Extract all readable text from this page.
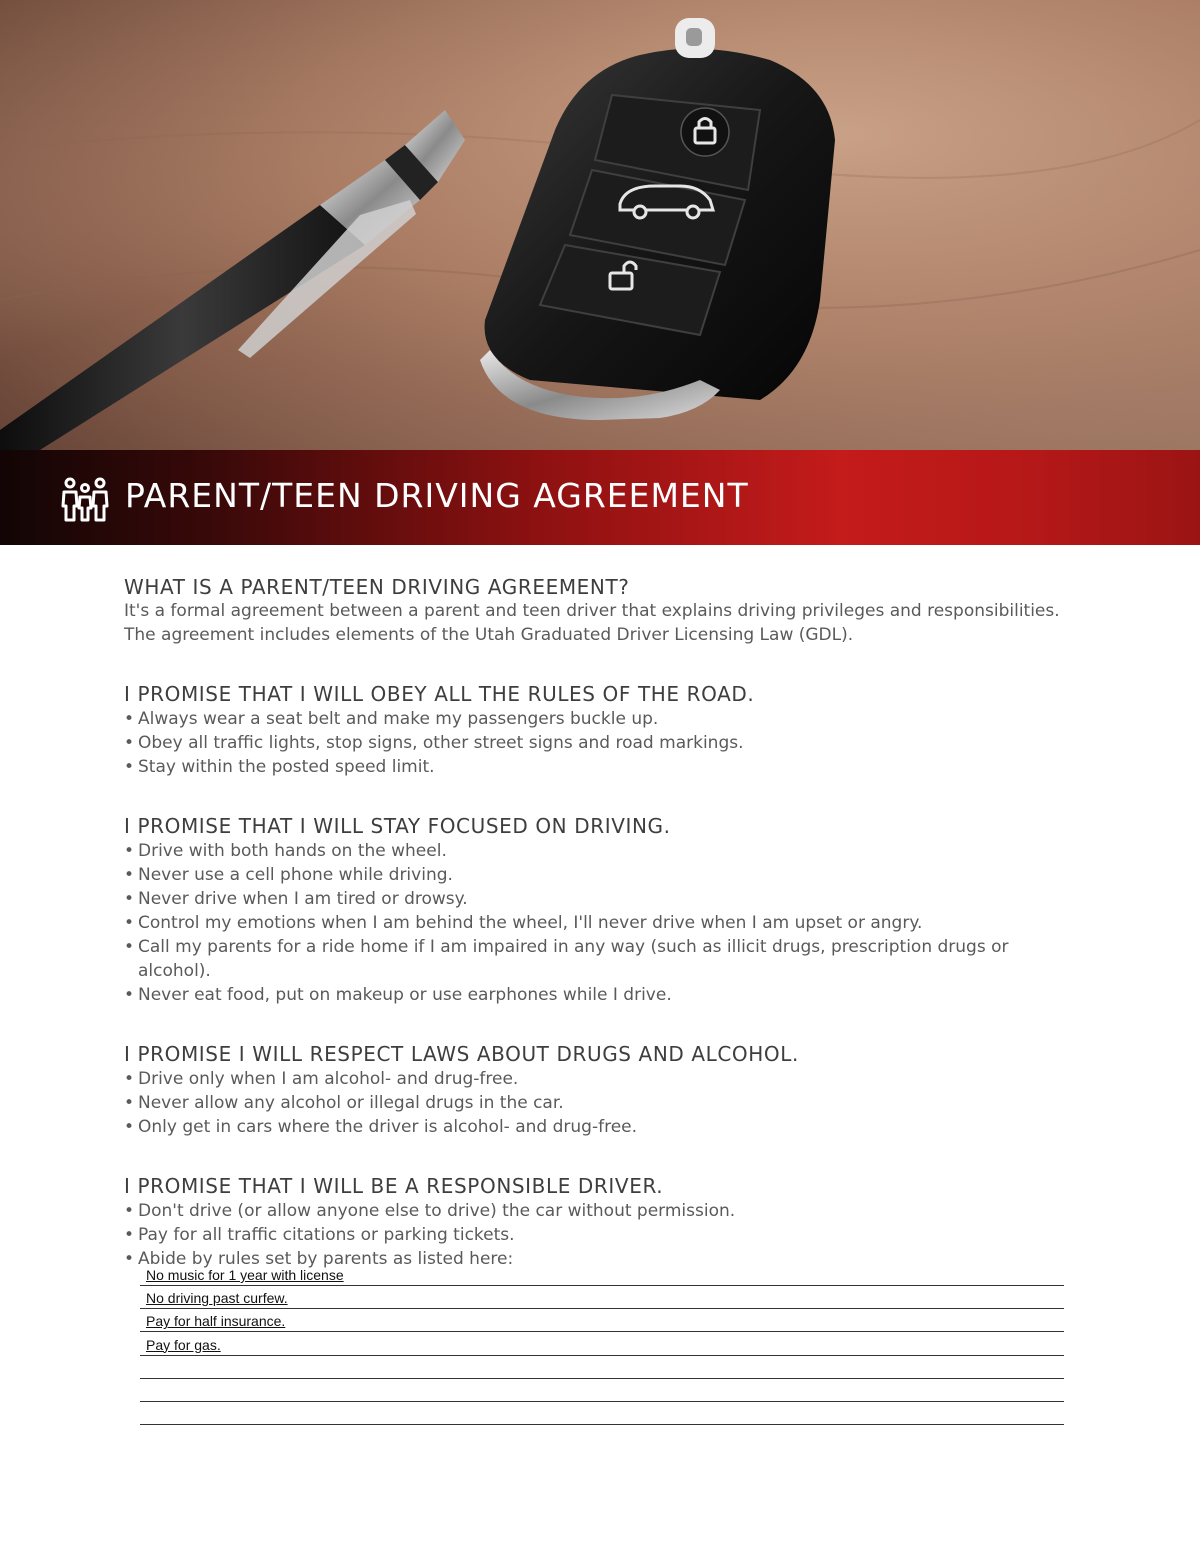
PARENT/TEEN DRIVING AGREEMENT
WHAT IS A PARENT/TEEN DRIVING AGREEMENT?

It's a formal agreement between a parent and teen driver that explains driving privileges and responsibilities. The agreement includes elements of the Utah Graduated Driver Licensing Law (GDL).

I PROMISE THAT I WILL OBEY ALL THE RULES OF THE ROAD.
• Always wear a seat belt and make my passengers buckle up.
• Obey all traffic lights, stop signs, other street signs and road markings.
• Stay within the posted speed limit.
I PROMISE THAT I WILL STAY FOCUSED ON DRIVING.
• Drive with both hands on the wheel.
• Never use a cell phone while driving.
• Never drive when I am tired or drowsy.
• Control my emotions when I am behind the wheel, I'll never drive when I am upset or angry.
• Call my parents for a ride home if I am impaired in any way (such as illicit drugs, prescription drugs or alcohol).
• Never eat food, put on makeup or use earphones while I drive.
I PROMISE I WILL RESPECT LAWS ABOUT DRUGS AND ALCOHOL.
• Drive only when I am alcohol- and drug-free.
• Never allow any alcohol or illegal drugs in the car.
• Only get in cars where the driver is alcohol- and drug-free.
I PROMISE THAT I WILL BE A RESPONSIBLE DRIVER.
• Don't drive (or allow anyone else to drive) the car without permission.
• Pay for all traffic citations or parking tickets.
• Abide by rules set by parents as listed here:
No music for 1 year with license
No driving past curfew.
Pay for half insurance.
Pay for gas.
